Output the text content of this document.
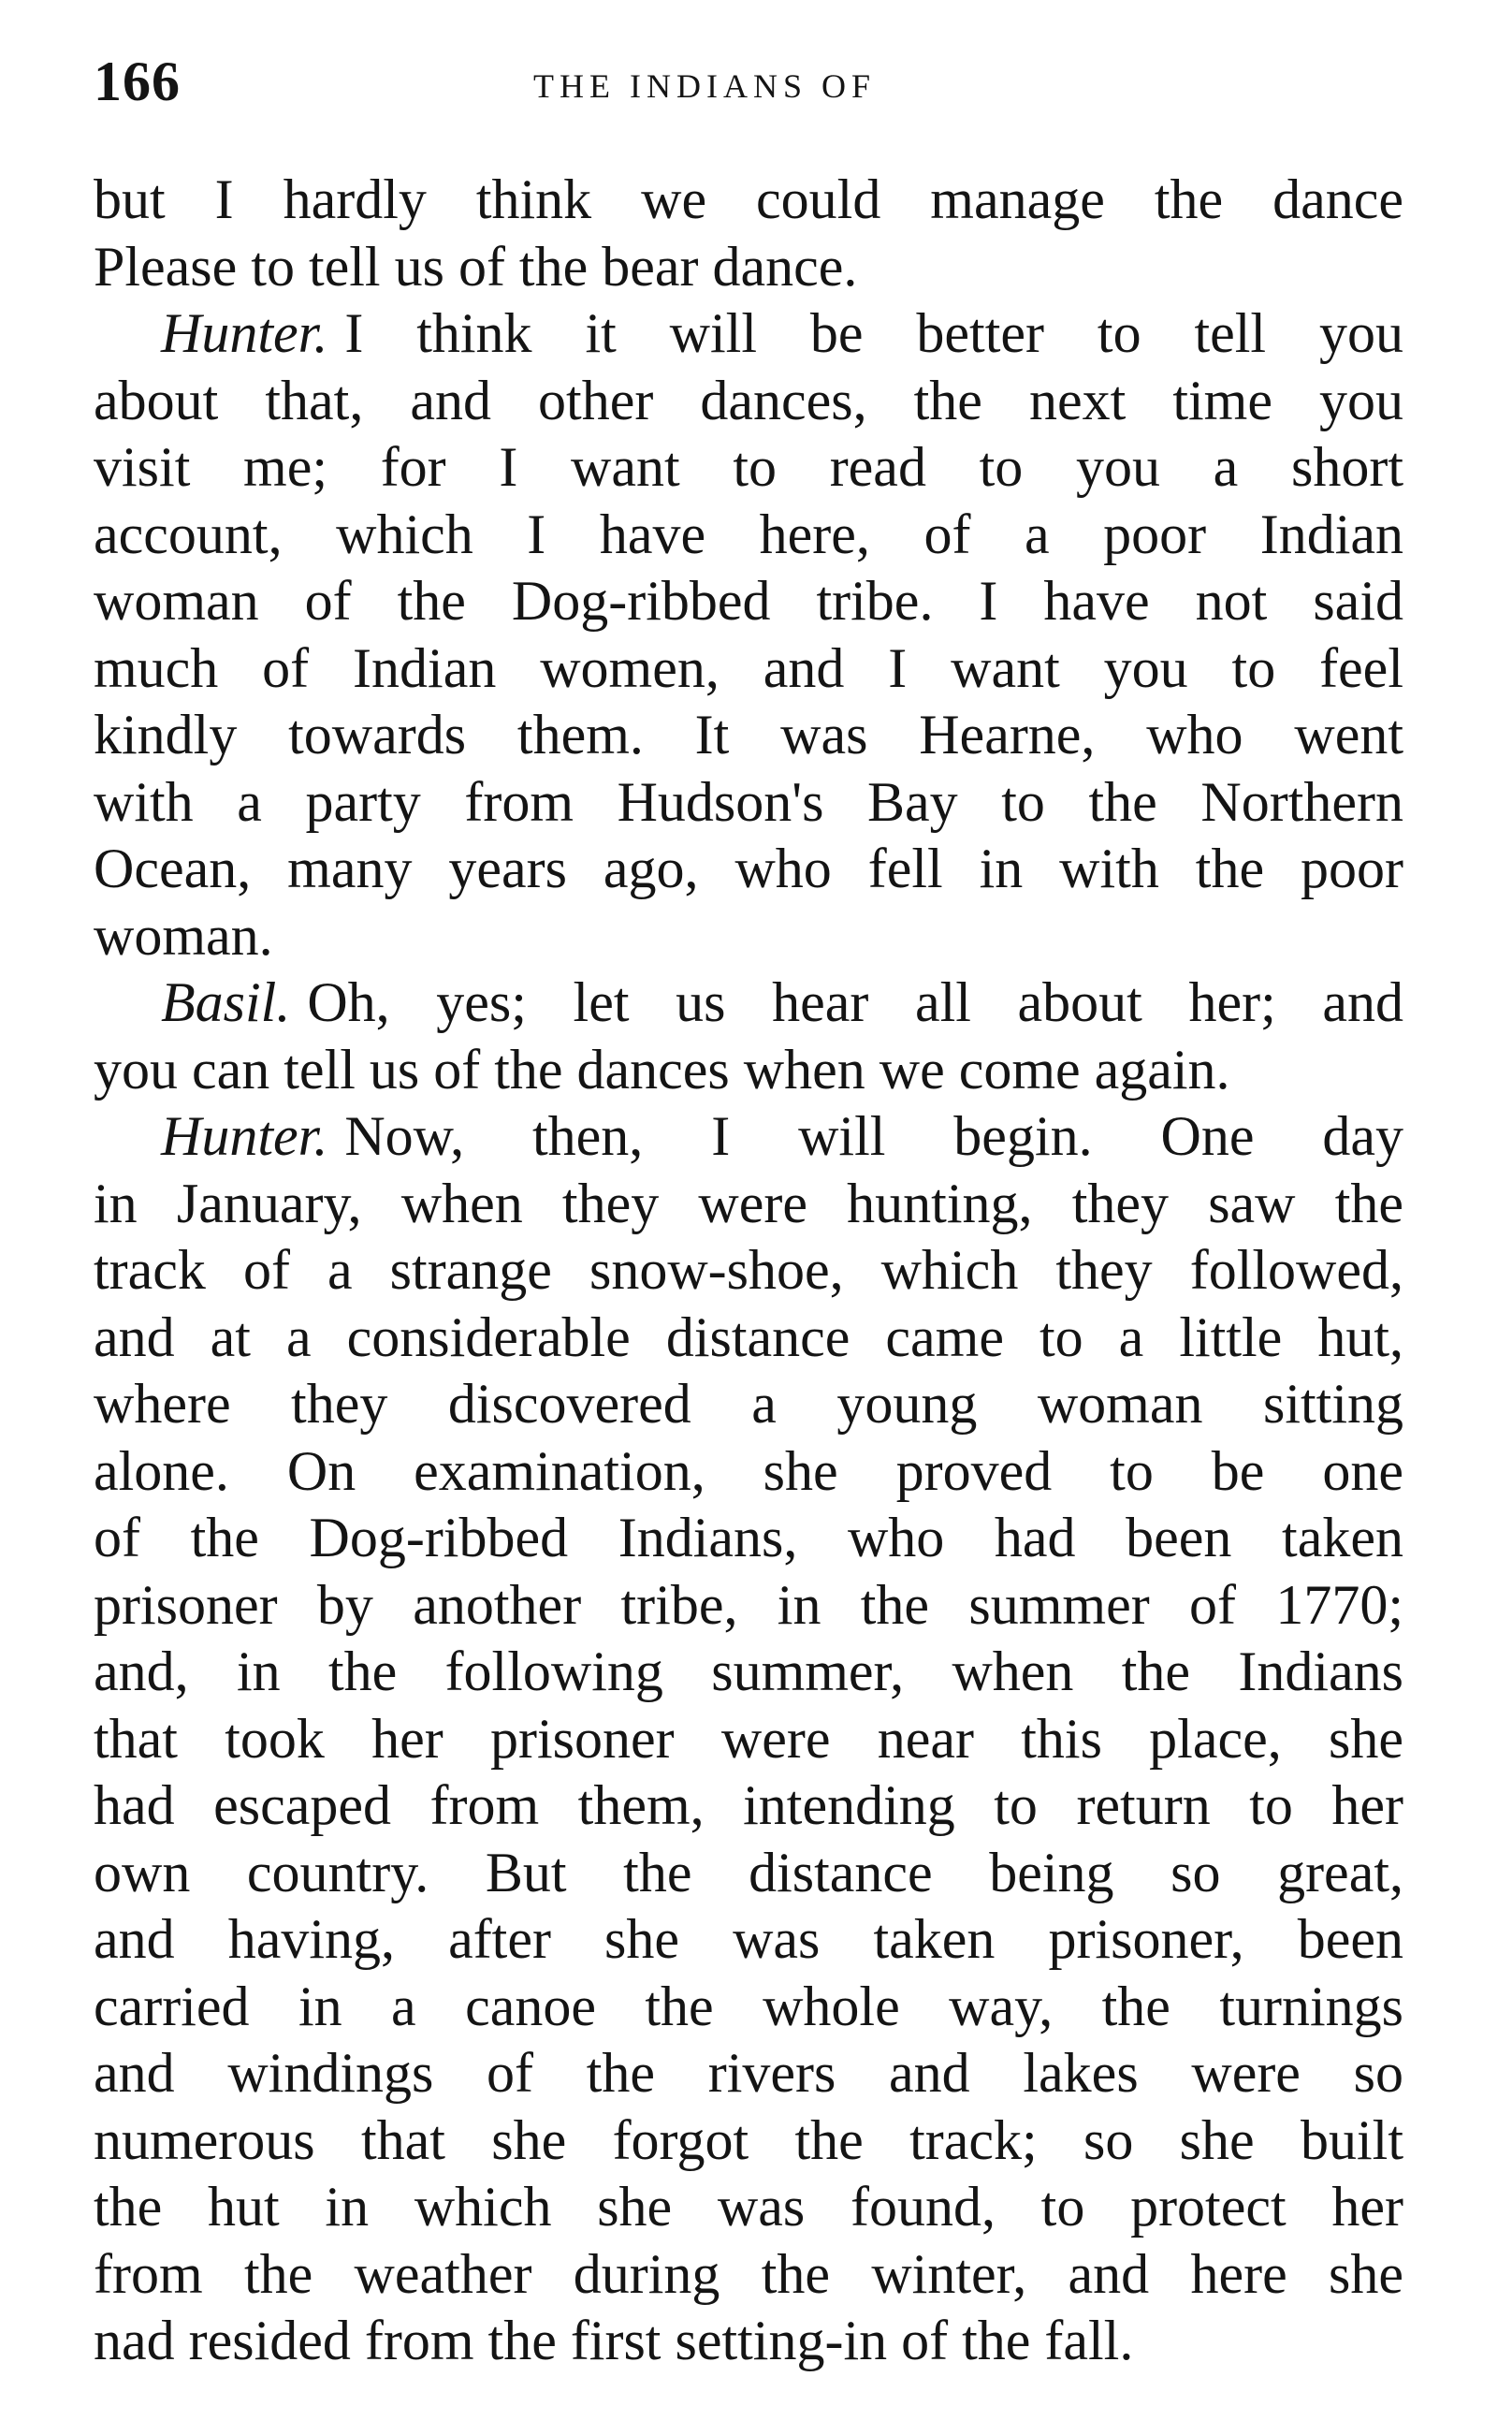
166	THE INDIANS OF
but I hardly think we could manage the dance
Please to tell us of the bear dance.
Hunter. I think it will be better to tell you
about that, and other dances, the next time you
visit me; for I want to read to you a short
account, which I have here, of a poor Indian
woman of the Dog-ribbed tribe. I have not said
much of Indian women, and I want you to feel
kindly towards them. It was Hearne, who went
with a party from Hudson's Bay to the Northern
Ocean, many years ago, who fell in with the poor
woman.
Basil. Oh, yes; let us hear all about her; and
you can tell us of the dances when we come again.
Hunter. Now, then, I will begin. One day
in January, when they were hunting, they saw the
track of a strange snow-shoe, which they followed,
and at a considerable distance came to a little hut,
where they discovered a young woman sitting
alone. On examination, she proved to be one
of the Dog-ribbed Indians, who had been taken
prisoner by another tribe, in the summer of 1770;
and, in the following summer, when the Indians
that took her prisoner were near this place, she
had escaped from them, intending to return to her
own country. But the distance being so great,
and having, after she was taken prisoner, been
carried in a canoe the whole way, the turnings
and windings of the rivers and lakes were so
numerous that she forgot the track; so she built
the hut in which she was found, to protect her
from the weather during the winter, and here she
nad resided from the first setting-in of the fall.
